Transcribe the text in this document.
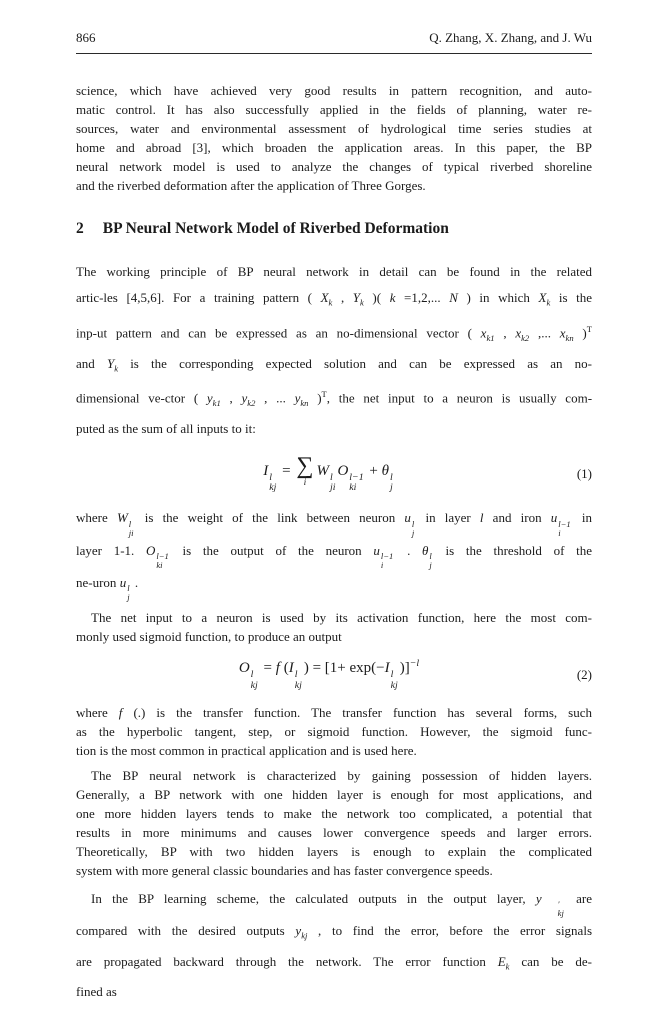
866	Q. Zhang, X. Zhang, and J. Wu
science, which have achieved very good results in pattern recognition, and auto-
matic control. It has also successfully applied in the fields of planning, water re-
sources, water and environmental assessment of hydrological time series studies at
home and abroad [3], which broaden the application areas. In this paper, the BP
neural network model is used to analyze the changes of typical riverbed shoreline
and the riverbed deformation after the application of Three Gorges.
2 BP Neural Network Model of Riverbed Deformation
The working principle of BP neural network in detail can be found in the related
artic-les [4,5,6]. For a training pattern ( $X_k$ , $Y_k$ )( k =1,2,... N ) in which $X_k$ is the
inp-ut pattern and can be expressed as an no-dimensional vector ( $x_{k1}$ , $x_{k2}$ ,... $x_{kn}$ )$^T$
and $Y_k$ is the corresponding expected solution and can be expressed as an no-
dimensional ve-ctor ( $y_{k1}$ , $y_{k2}$ , ... $y_{kn}$ )$^T$, the net input to a neuron is usually com-
puted as the sum of all inputs to it:
I l
kj
= ∑
i
W l
ji
O l−1
ki
+ θ l
j
(1)
where W l
ji
is the weight of the link between neuron u l
j
in layer l and iron u l−1
i
in
layer 1-1. O l−1
ki
is the output of the neuron u l−1
i
. θ l
j
is the threshold of the
ne-uron u l
j
.
The net input to a neuron is used by its activation function, here the most com-
monly used sigmoid function, to produce an output
O l
kj
= f (I l
kj
) = [1+ exp(−I l
kj
)]$^{-l}$
(2)
where f (.) is the transfer function. The transfer function has several forms, such
as the hyperbolic tangent, step, or sigmoid function. However, the sigmoid func-
tion is the most common in practical application and is used here.
The BP neural network is characterized by gaining possession of hidden layers.
Generally, a BP network with one hidden layer is enough for most applications, and
one more hidden layers tends to make the network too complicated, a potential that
results in more minimums and causes lower convergence speeds and larger errors.
Theoretically, BP with two hidden layers is enough to explain the complicated
system with more general classic boundaries and has faster convergence speeds.
In the BP learning scheme, the calculated outputs in the output layer, y	′
kj
are
compared with the desired outputs $y_{kj}$ , to find the error, before the error signals
are propagated backward through the network. The error function $E_k$ can be de-
fined as
